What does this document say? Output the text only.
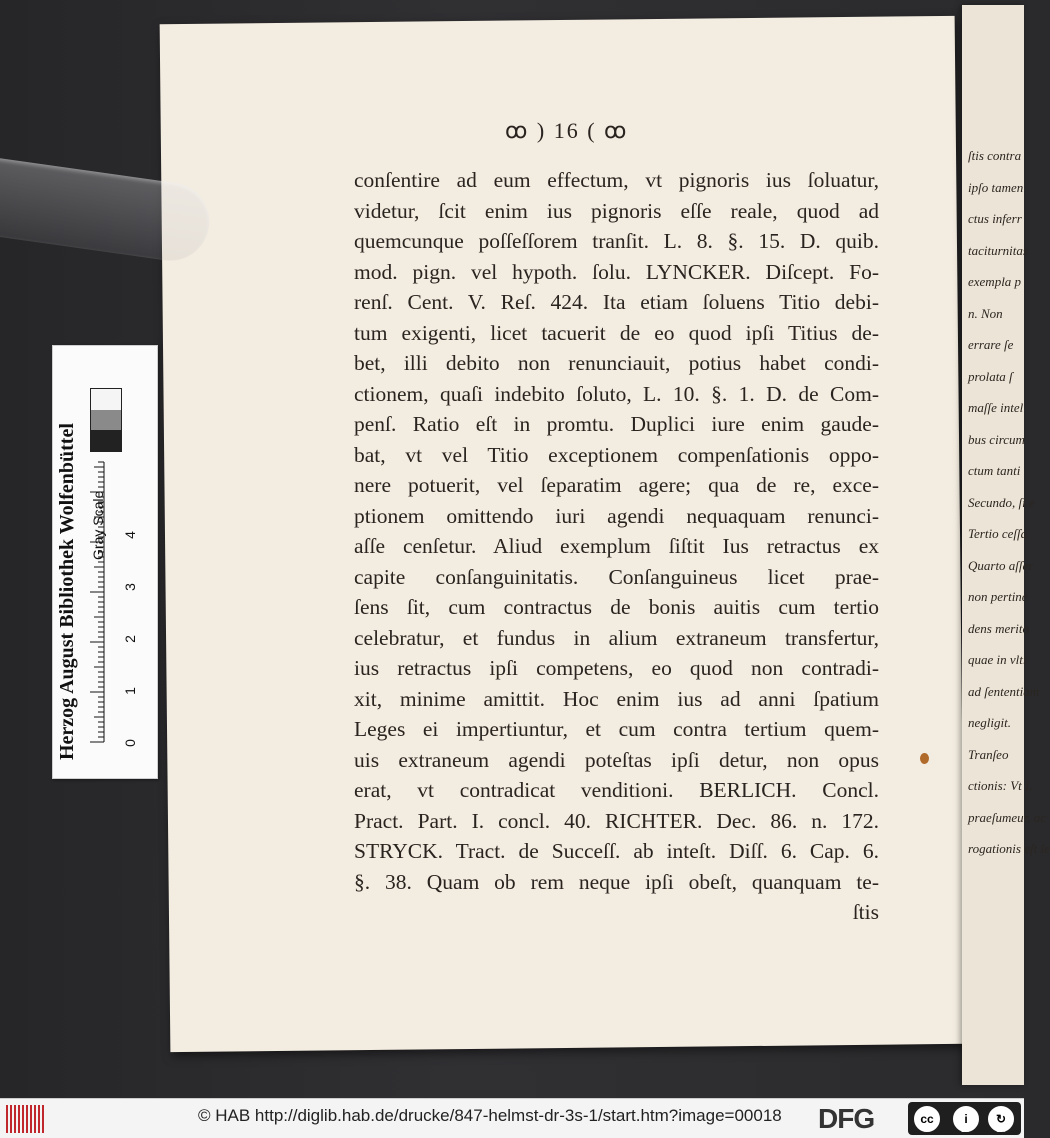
ſtis contra
ipſo tamen
ctus inferr
taciturnitas
exempla p
n. Non
errare ſe
prolata ſ
maſſe intel
bus circum
ctum tanti
Secundo, ſi e
Tertio ceſſa
Quarto aſſer
non pertine
dens merito
quae in vlti
ad ſententiam
negligit.
Tranſeo
ctionis: Vt L
praeſumeur, ac
rogationis eſt le
ꝏ ) 16 ( ꝏ
conſentire ad eum effectum, vt pignoris ius ſoluatur,
videtur, ſcit enim ius pignoris eſſe reale, quod ad
quemcunque poſſeſſorem tranſit. L. 8. §. 15. D. quib.
mod. pign. vel hypoth. ſolu. LYNCKER. Diſcept. Fo-
renſ. Cent. V. Reſ. 424. Ita etiam ſoluens Titio debi-
tum exigenti, licet tacuerit de eo quod ipſi Titius de-
bet, illi debito non renunciauit, potius habet condi-
ctionem, quaſi indebito ſoluto, L. 10. §. 1. D. de Com-
penſ. Ratio eſt in promtu. Duplici iure enim gaude-
bat, vt vel Titio exceptionem compenſationis oppo-
nere potuerit, vel ſeparatim agere; qua de re, exce-
ptionem omittendo iuri agendi nequaquam renunci-
aſſe cenſetur. Aliud exemplum ſiſtit Ius retractus ex
capite conſanguinitatis. Conſanguineus licet prae-
ſens ſit, cum contractus de bonis auitis cum tertio
celebratur, et fundus in alium extraneum transfertur,
ius retractus ipſi competens, eo quod non contradi-
xit, minime amittit. Hoc enim ius ad anni ſpatium
Leges ei impertiuntur, et cum contra tertium quem-
uis extraneum agendi poteſtas ipſi detur, non opus
erat, vt contradicat venditioni. BERLICH. Concl.
Pract. Part. I. concl. 40. RICHTER. Dec. 86. n. 172.
STRYCK. Tract. de Succeſſ. ab inteſt. Diſſ. 6. Cap. 6.
§. 38. Quam ob rem neque ipſi obeſt, quanquam te-
ſtis
Herzog August Bibliothek Wolfenbüttel Gray Scale
0
1
2
3
4
© HAB http://diglib.hab.de/drucke/847-helmst-dr-3s-1/start.htm?image=00018 DFG	cc	i	↻
BY	SA
